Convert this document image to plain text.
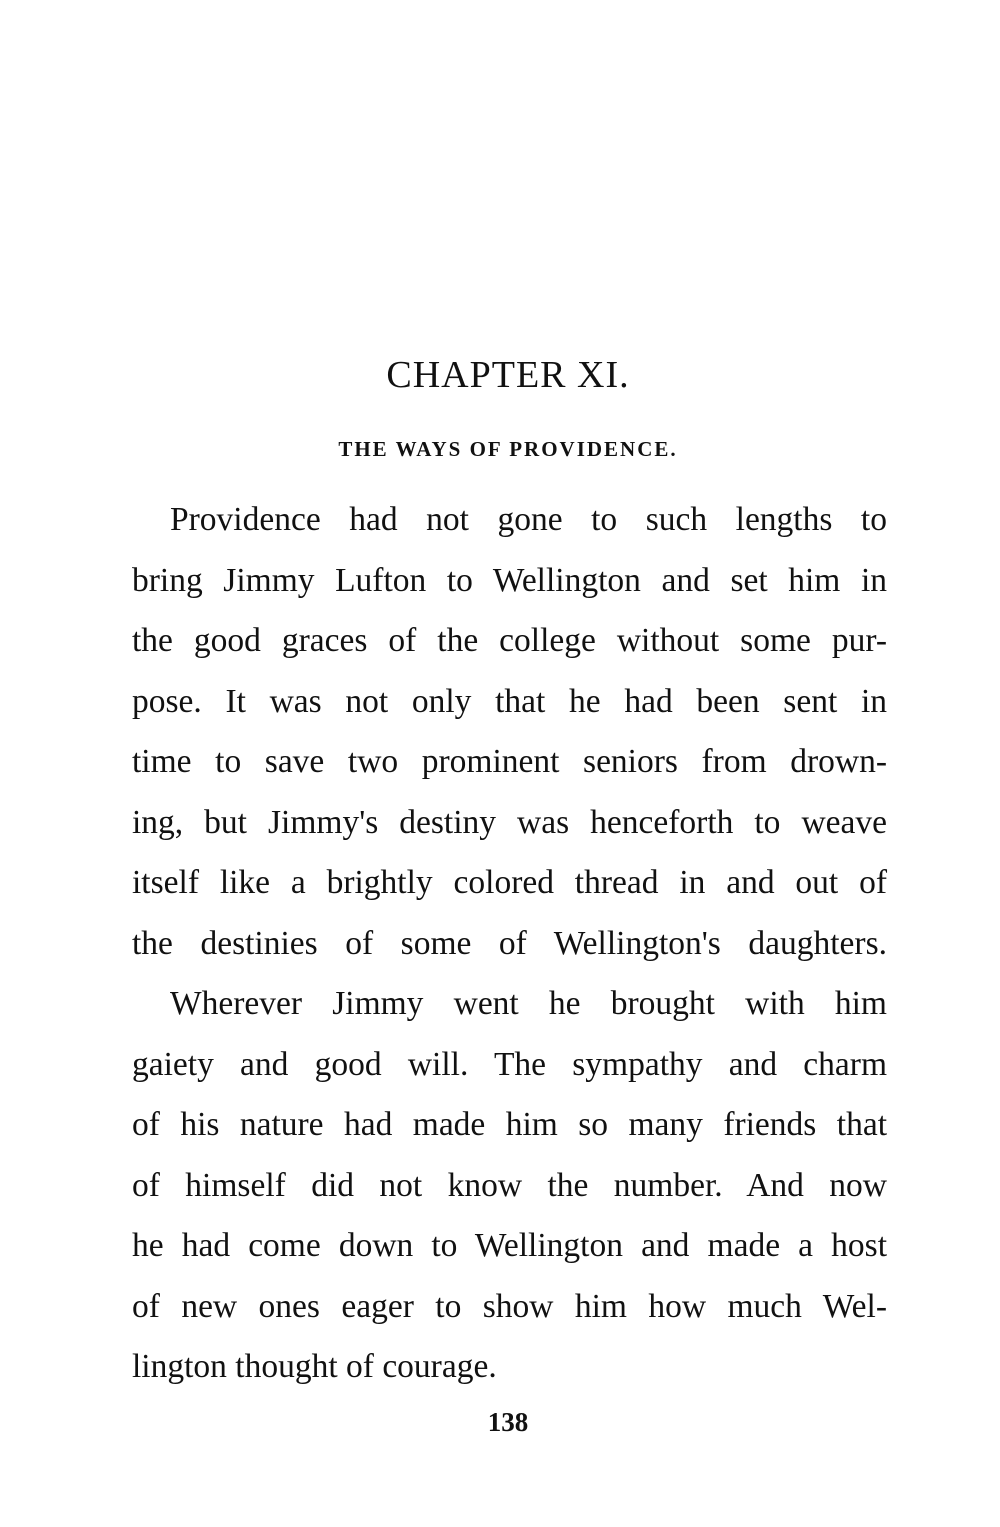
CHAPTER XI.
THE WAYS OF PROVIDENCE.
Providence had not gone to such lengths to
bring Jimmy Lufton to Wellington and set him in
the good graces of the college without some pur-
pose. It was not only that he had been sent in
time to save two prominent seniors from drown-
ing, but Jimmy's destiny was henceforth to weave
itself like a brightly colored thread in and out of
the destinies of some of Wellington's daughters.
Wherever Jimmy went he brought with him
gaiety and good will. The sympathy and charm
of his nature had made him so many friends that
of himself did not know the number. And now
he had come down to Wellington and made a host
of new ones eager to show him how much Wel-
lington thought of courage.
138
